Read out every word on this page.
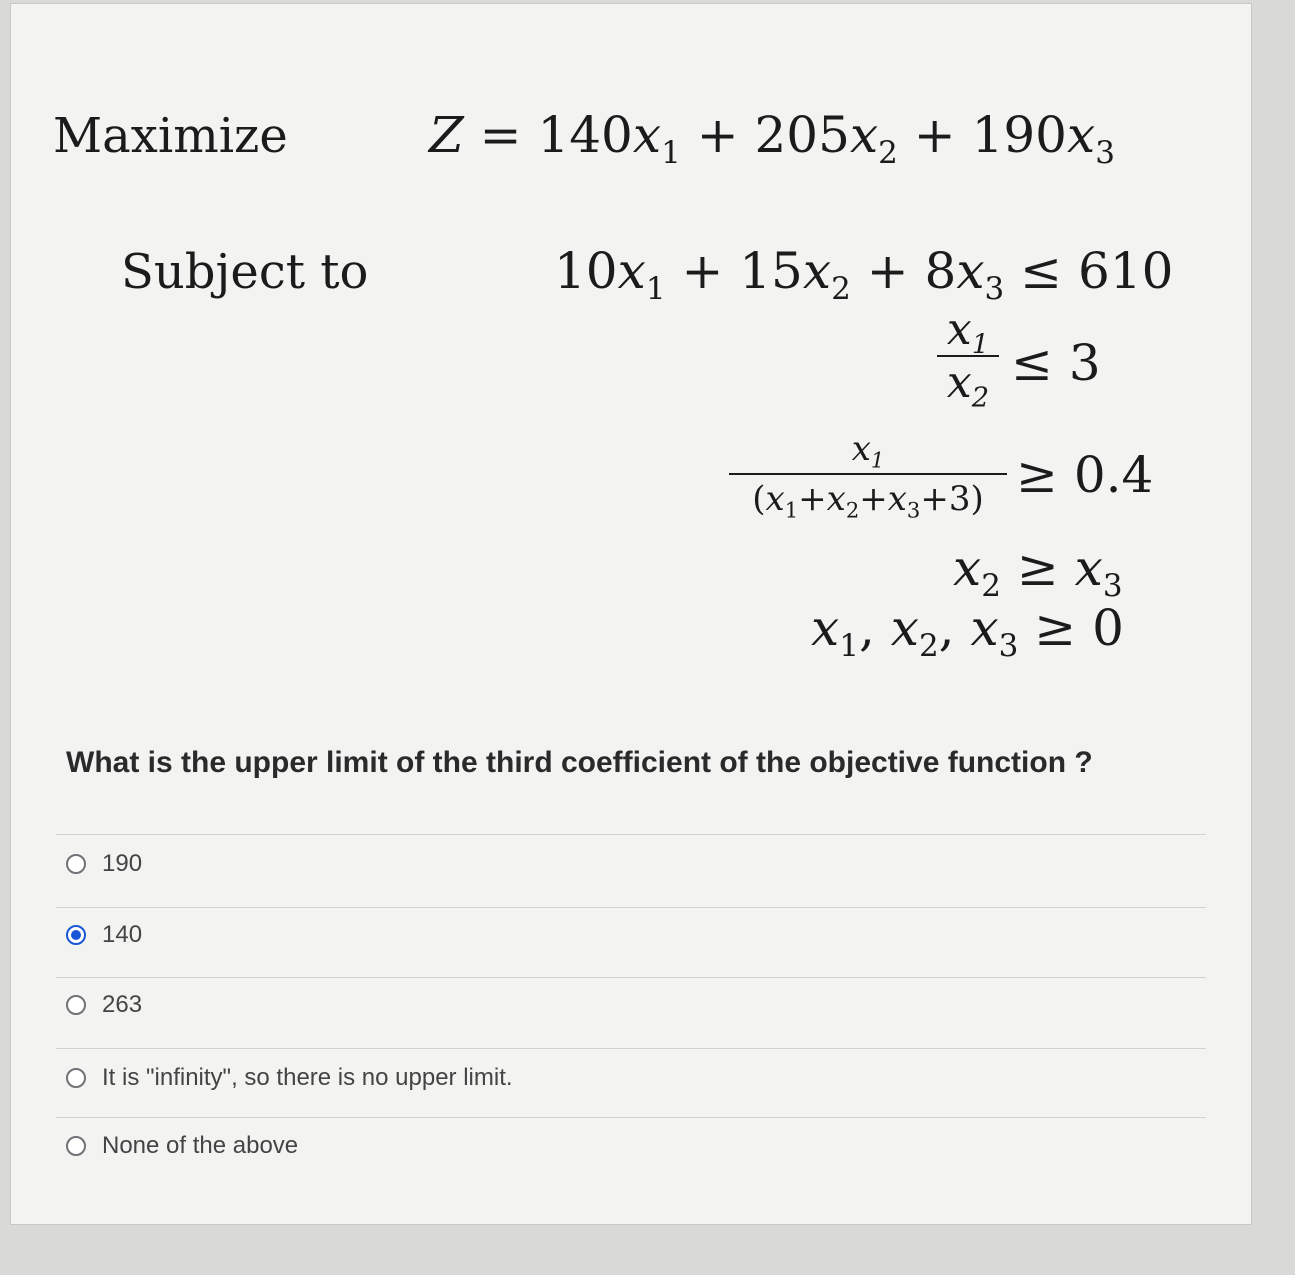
Maximize	$Z = 140x_1 + 205x_2 + 190x_3$
Subject to	$10x_1 + 15x_2 + 8x_3 \le 610$
$x_1$
$x_2$
≤ 3
$x_1$
$(x_1+x_2+x_3+3) \ge 0.4$
$x_2 \ge x_3$
$x_1$, $x_2$, $x_3 \ge 0$
What is the upper limit of the third coefficient of the objective function ?
190
140
263
It is "infinity", so there is no upper limit.
None of the above
